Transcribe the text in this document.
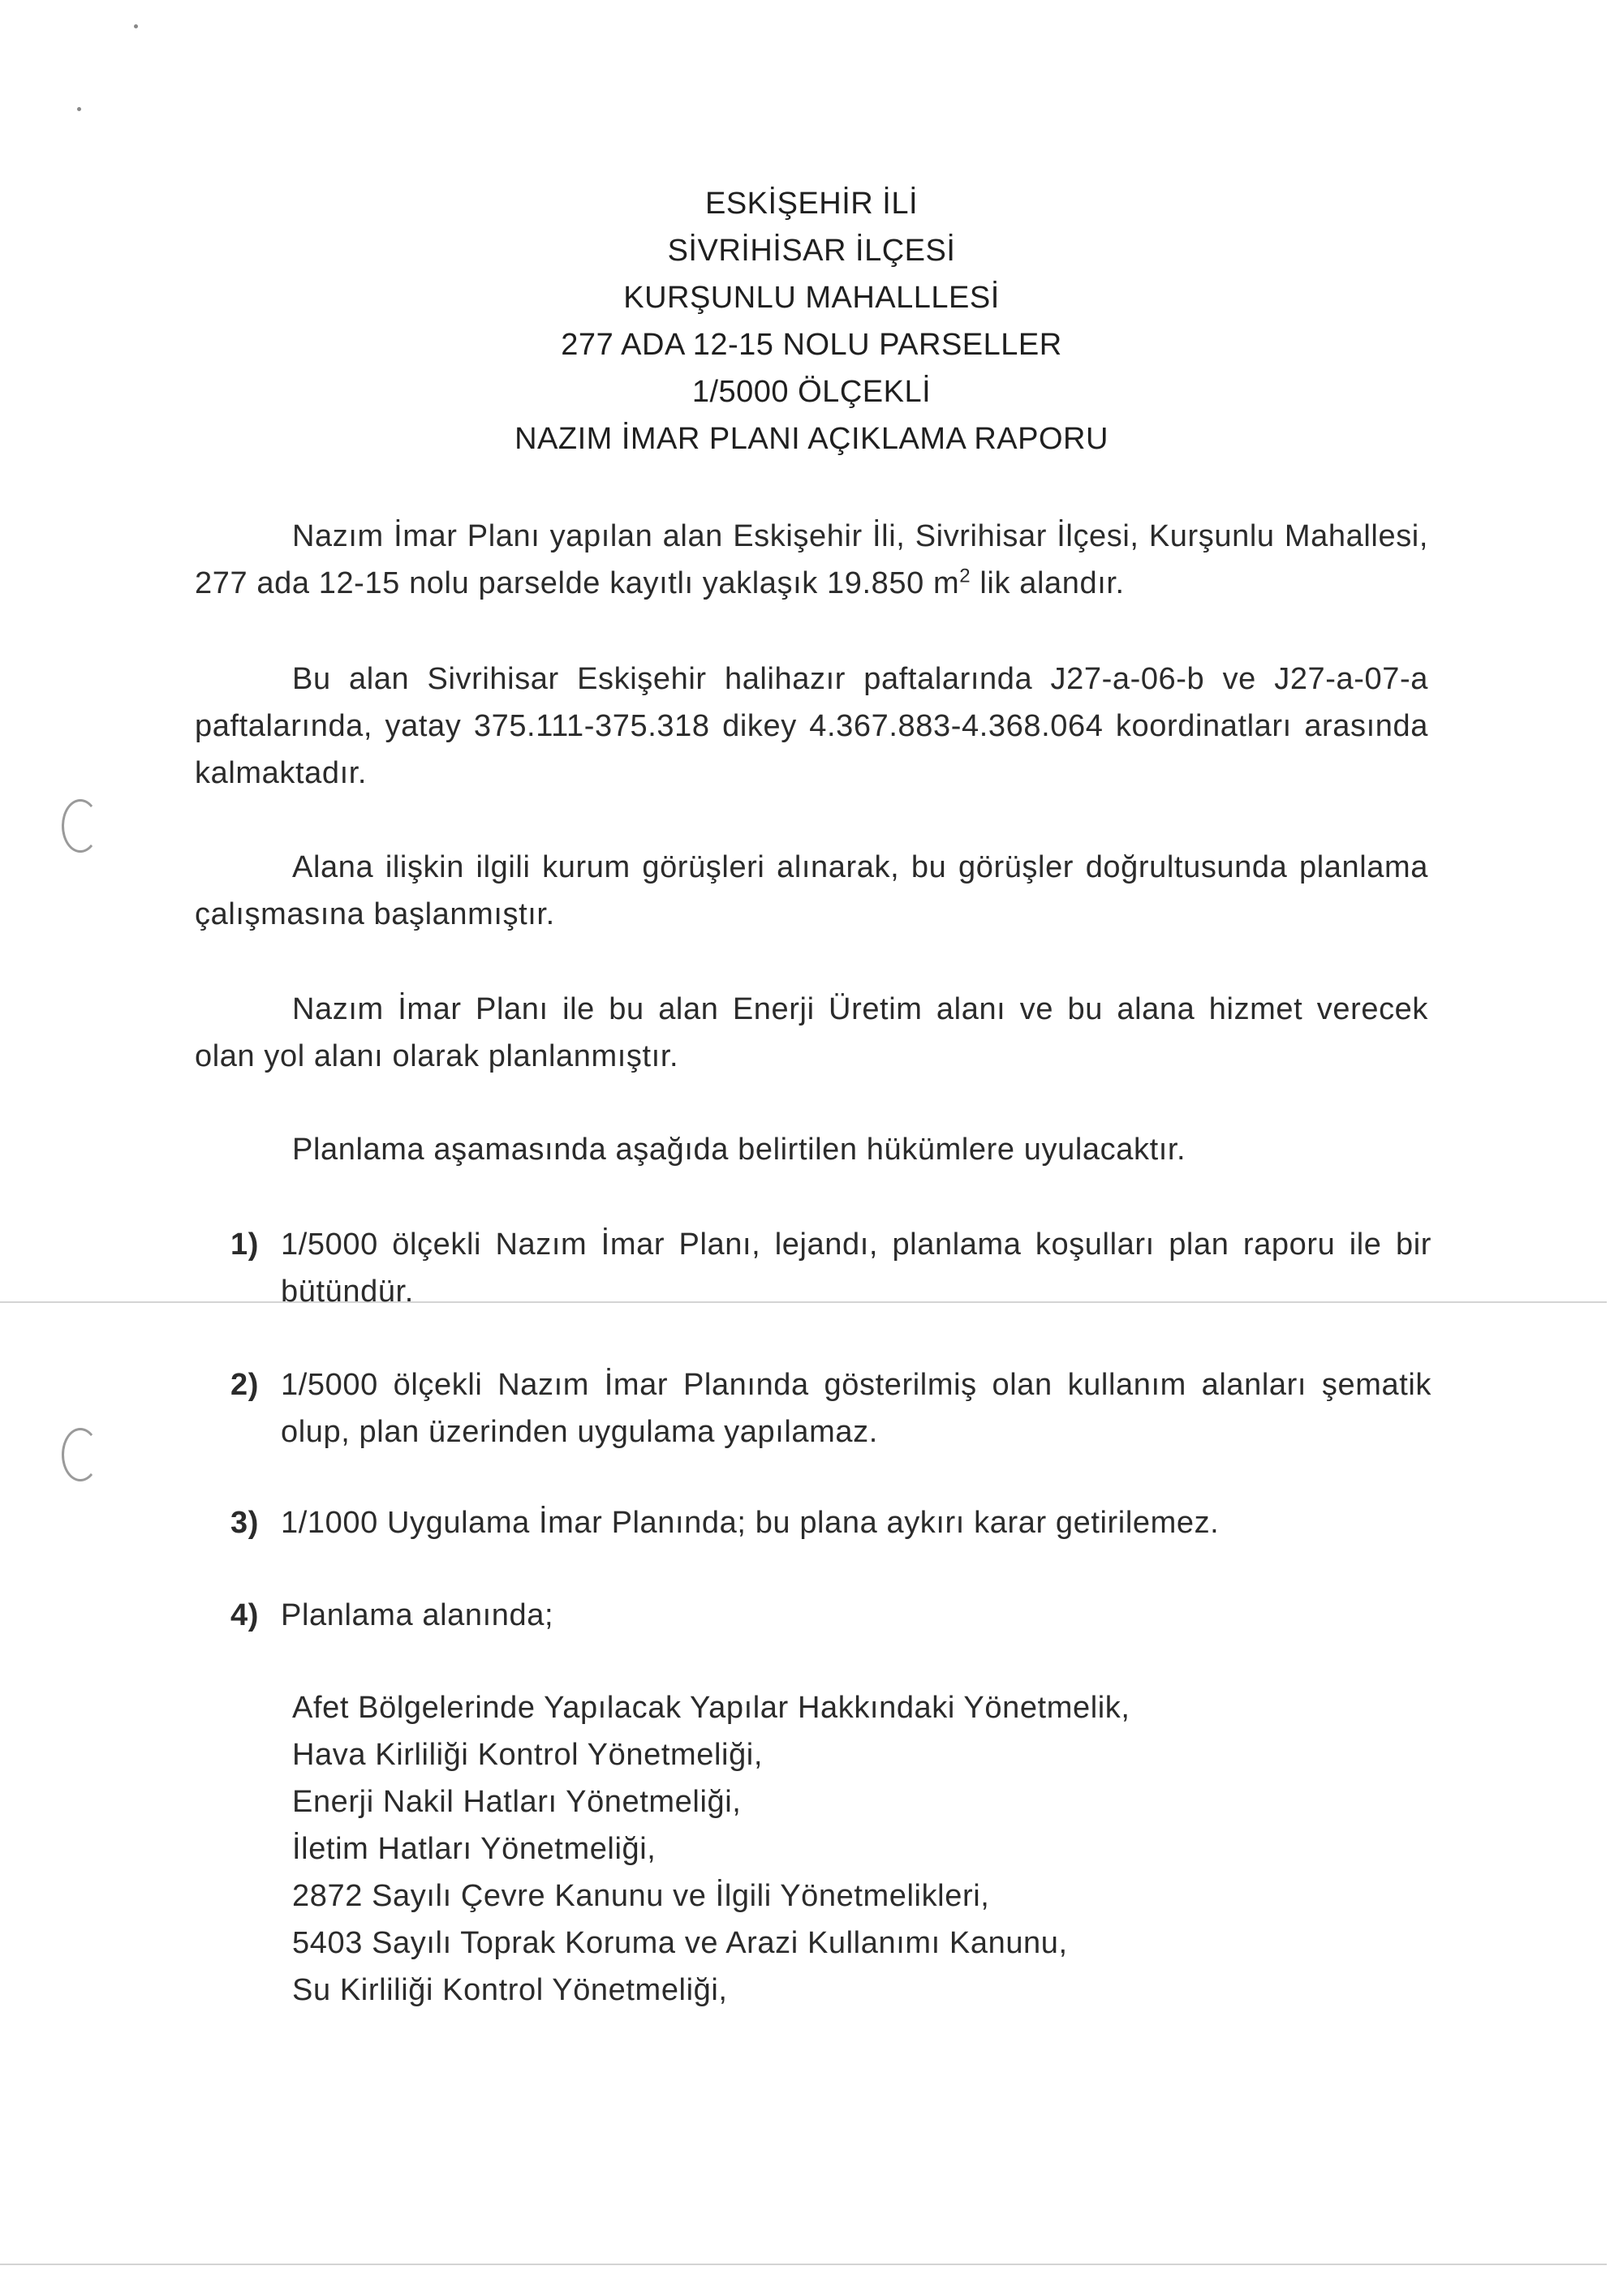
ESKİŞEHİR İLİ
SİVRİHİSAR İLÇESİ
KURŞUNLU MAHALLLESİ
277 ADA 12-15 NOLU PARSELLER
1/5000 ÖLÇEKLİ
NAZIM İMAR PLANI AÇIKLAMA RAPORU
Nazım İmar Planı yapılan alan Eskişehir İli, Sivrihisar İlçesi, Kurşunlu Mahallesi, 277 ada 12-15 nolu parselde kayıtlı yaklaşık 19.850 $m^2$ lik alandır.
Bu alan Sivrihisar Eskişehir halihazır paftalarında J27-a-06-b ve J27-a-07-a paftalarında, yatay 375.111-375.318 dikey 4.367.883-4.368.064 koordinatları arasında kalmaktadır.
Alana ilişkin ilgili kurum görüşleri alınarak, bu görüşler doğrultusunda planlama çalışmasına başlanmıştır.
Nazım İmar Planı ile bu alan Enerji Üretim alanı ve bu alana hizmet verecek olan yol alanı olarak planlanmıştır.
Planlama aşamasında aşağıda belirtilen hükümlere uyulacaktır.
1) 1/5000 ölçekli Nazım İmar Planı, lejandı, planlama koşulları plan raporu ile bir bütündür.
2) 1/5000 ölçekli Nazım İmar Planında gösterilmiş olan kullanım alanları şematik olup, plan üzerinden uygulama yapılamaz.
3) 1/1000 Uygulama İmar Planında; bu plana aykırı karar getirilemez.
4) Planlama alanında;
Afet Bölgelerinde Yapılacak Yapılar Hakkındaki Yönetmelik,
Hava Kirliliği Kontrol Yönetmeliği,
Enerji Nakil Hatları Yönetmeliği,
İletim Hatları Yönetmeliği,
2872 Sayılı Çevre Kanunu ve İlgili Yönetmelikleri,
5403 Sayılı Toprak Koruma ve Arazi Kullanımı Kanunu,
Su Kirliliği Kontrol Yönetmeliği,
